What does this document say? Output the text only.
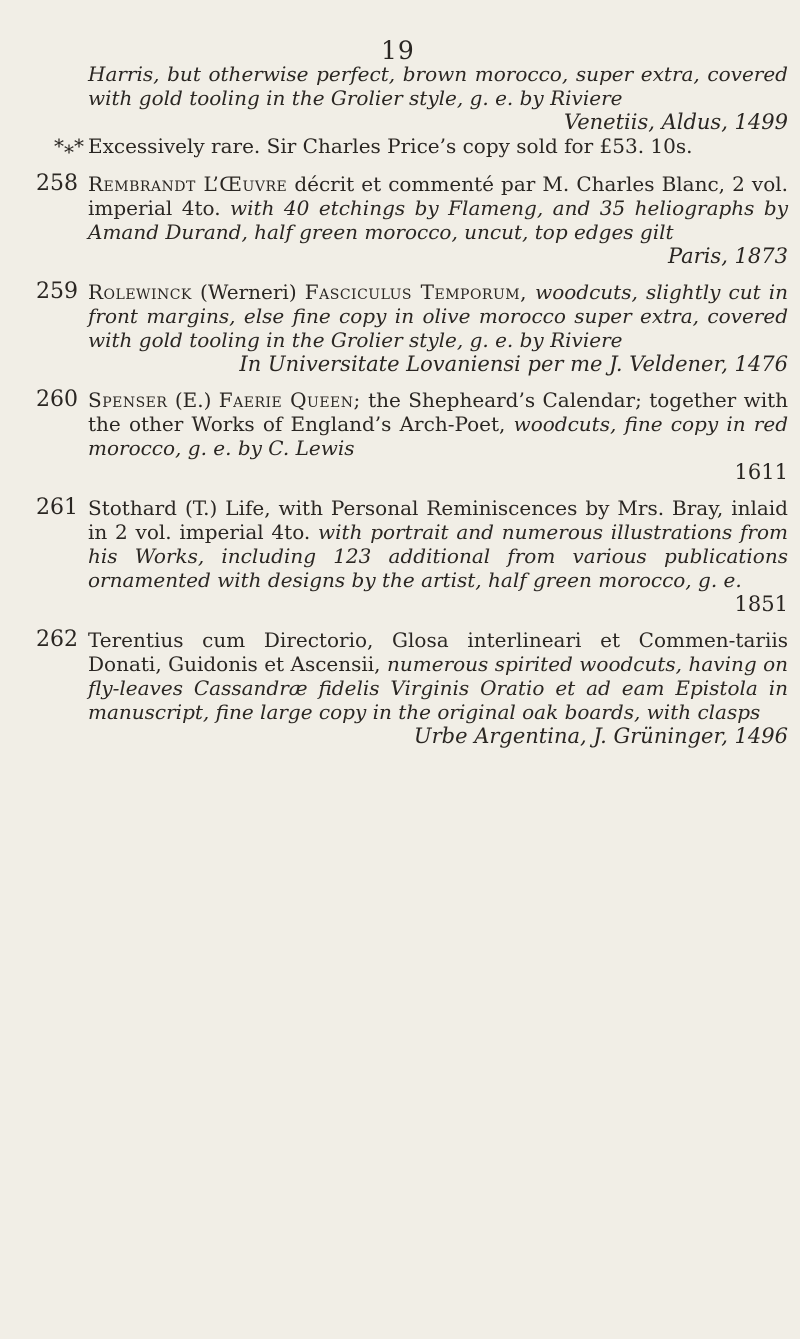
19
Harris, but otherwise perfect, brown morocco, super extra, covered with gold tooling in the Grolier style, g. e. by Riviere
Venetiis, Aldus, 1499
*⁎* Excessively rare. Sir Charles Price’s copy sold for £53. 10s.
258 Rembrandt L’Œuvre décrit et commenté par M. Charles Blanc, 2 vol. imperial 4to. with 40 etchings by Flameng, and 35 heliographs by Amand Durand, half green morocco, uncut, top edges gilt
Paris, 1873
259 Rolewinck (Werneri) Fasciculus Temporum, woodcuts, slightly cut in front margins, else fine copy in olive morocco super extra, covered with gold tooling in the Grolier style, g. e. by Riviere
In Universitate Lovaniensi per me J. Veldener, 1476
260 Spenser (E.) Faerie Queen; the Shepheard’s Calendar; together with the other Works of England’s Arch-Poet, woodcuts, fine copy in red morocco, g. e. by C. Lewis
1611
261 Stothard (T.) Life, with Personal Reminiscences by Mrs. Bray, inlaid in 2 vol. imperial 4to. with portrait and numerous illustrations from his Works, including 123 additional from various publications ornamented with designs by the artist, half green morocco, g. e.
1851
262 Terentius cum Directorio, Glosa interlineari et Commen-tariis Donati, Guidonis et Ascensii, numerous spirited woodcuts, having on fly-leaves Cassandræ fidelis Virginis Oratio et ad eam Epistola in manuscript, fine large copy in the original oak boards, with clasps
Urbe Argentina, J. Grüninger, 1496
